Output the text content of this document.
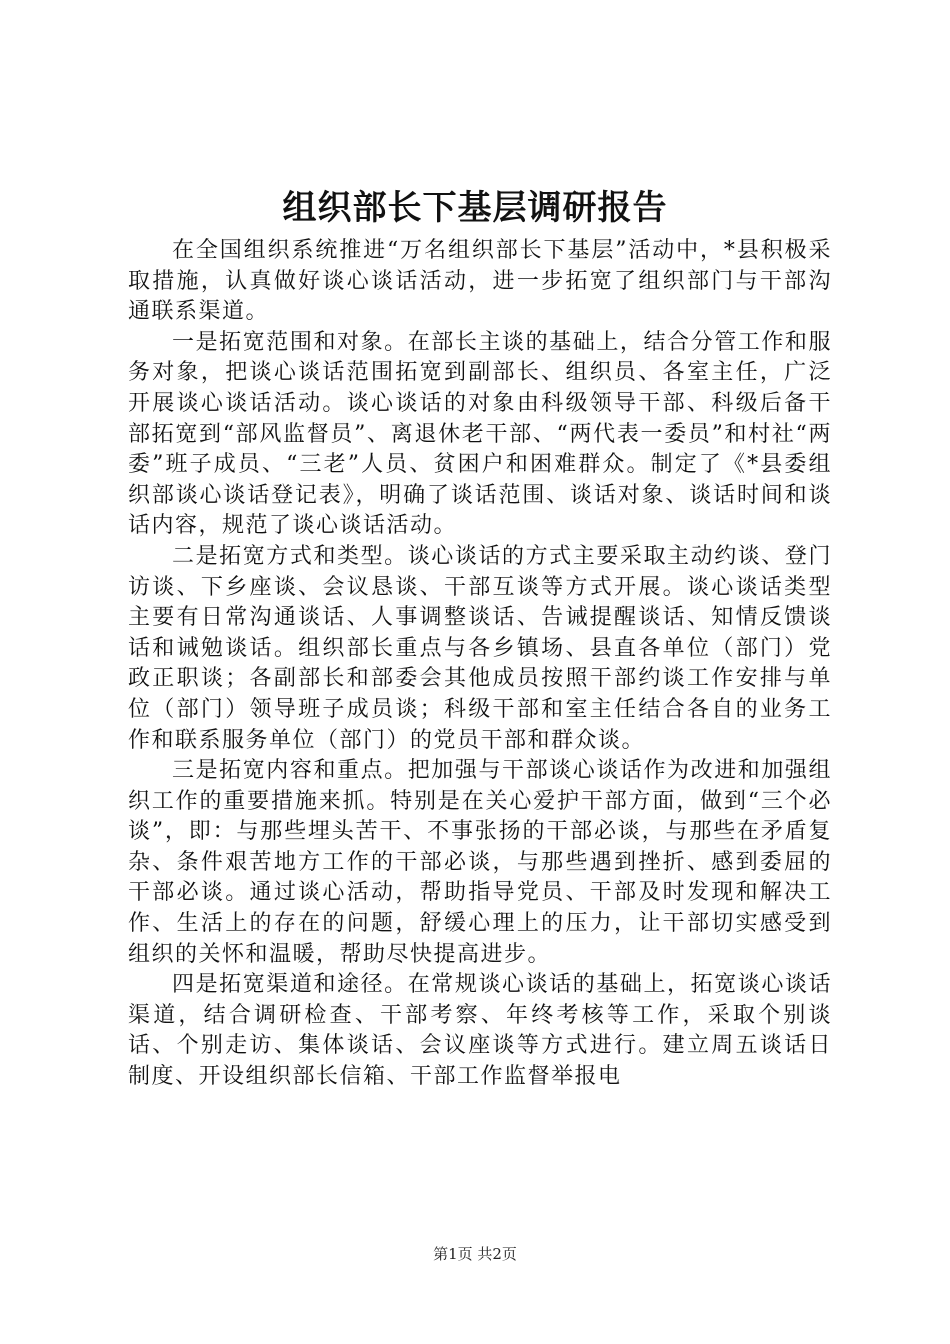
组织部长下基层调研报告

在全国组织系统推进“万名组织部长下基层”活动中，*县积极采取措施，认真做好谈心谈话活动，进一步拓宽了组织部门与干部沟通联系渠道。

一是拓宽范围和对象。在部长主谈的基础上，结合分管工作和服务对象，把谈心谈话范围拓宽到副部长、组织员、各室主任，广泛开展谈心谈话活动。谈心谈话的对象由科级领导干部、科级后备干部拓宽到“部风监督员”、离退休老干部、“两代表一委员”和村社“两委”班子成员、“三老”人员、贫困户和困难群众。制定了《*县委组织部谈心谈话登记表》，明确了谈话范围、谈话对象、谈话时间和谈话内容，规范了谈心谈话活动。

二是拓宽方式和类型。谈心谈话的方式主要采取主动约谈、登门访谈、下乡座谈、会议恳谈、干部互谈等方式开展。谈心谈话类型主要有日常沟通谈话、人事调整谈话、告诫提醒谈话、知情反馈谈话和诫勉谈话。组织部长重点与各乡镇场、县直各单位（部门）党政正职谈；各副部长和部委会其他成员按照干部约谈工作安排与单位（部门）领导班子成员谈；科级干部和室主任结合各自的业务工作和联系服务单位（部门）的党员干部和群众谈。

三是拓宽内容和重点。把加强与干部谈心谈话作为改进和加强组织工作的重要措施来抓。特别是在关心爱护干部方面，做到“三个必谈”，即：与那些埋头苦干、不事张扬的干部必谈，与那些在矛盾复杂、条件艰苦地方工作的干部必谈，与那些遇到挫折、感到委屈的干部必谈。通过谈心活动，帮助指导党员、干部及时发现和解决工作、生活上的存在的问题，舒缓心理上的压力，让干部切实感受到组织的关怀和温暖，帮助尽快提高进步。

四是拓宽渠道和途径。在常规谈心谈话的基础上，拓宽谈心谈话渠道，结合调研检查、干部考察、年终考核等工作，采取个别谈话、个别走访、集体谈话、会议座谈等方式进行。建立周五谈话日制度、开设组织部长信箱、干部工作监督举报电

第1页 共2页
